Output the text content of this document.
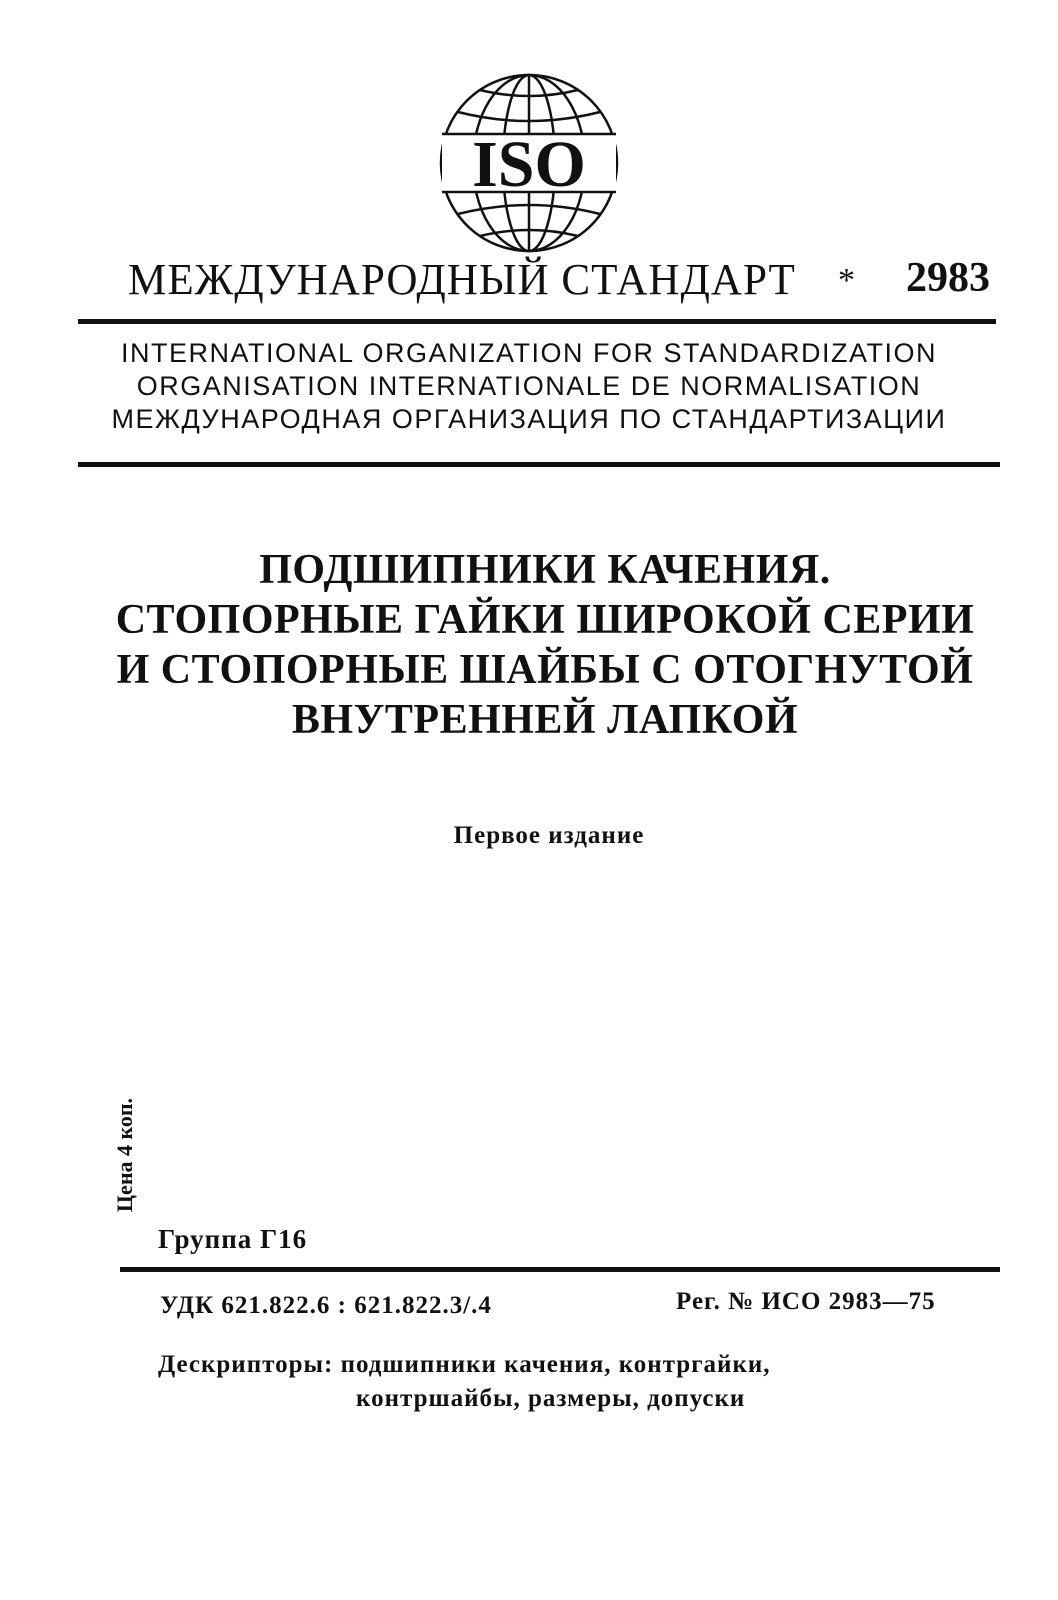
ISO
МЕЖДУНАРОДНЫЙ СТАНДАРТ * 2983
INTERNATIONAL ORGANIZATION FOR STANDARDIZATION
ORGANISATION INTERNATIONALE DE NORMALISATION
МЕЖДУНАРОДНАЯ ОРГАНИЗАЦИЯ ПО СТАНДАРТИЗАЦИИ
ПОДШИПНИКИ КАЧЕНИЯ.
СТОПОРНЫЕ ГАЙКИ ШИРОКОЙ СЕРИИ
И СТОПОРНЫЕ ШАЙБЫ С ОТОГНУТОЙ
ВНУТРЕННЕЙ ЛАПКОЙ
Первое издание
Цена 4 коп.
Группа Г16
УДК 621.822.6 : 621.822.3/.4	Рег. № ИСО 2983—75
Дескрипторы: подшипники качения, контргайки,
контршайбы, размеры, допуски
